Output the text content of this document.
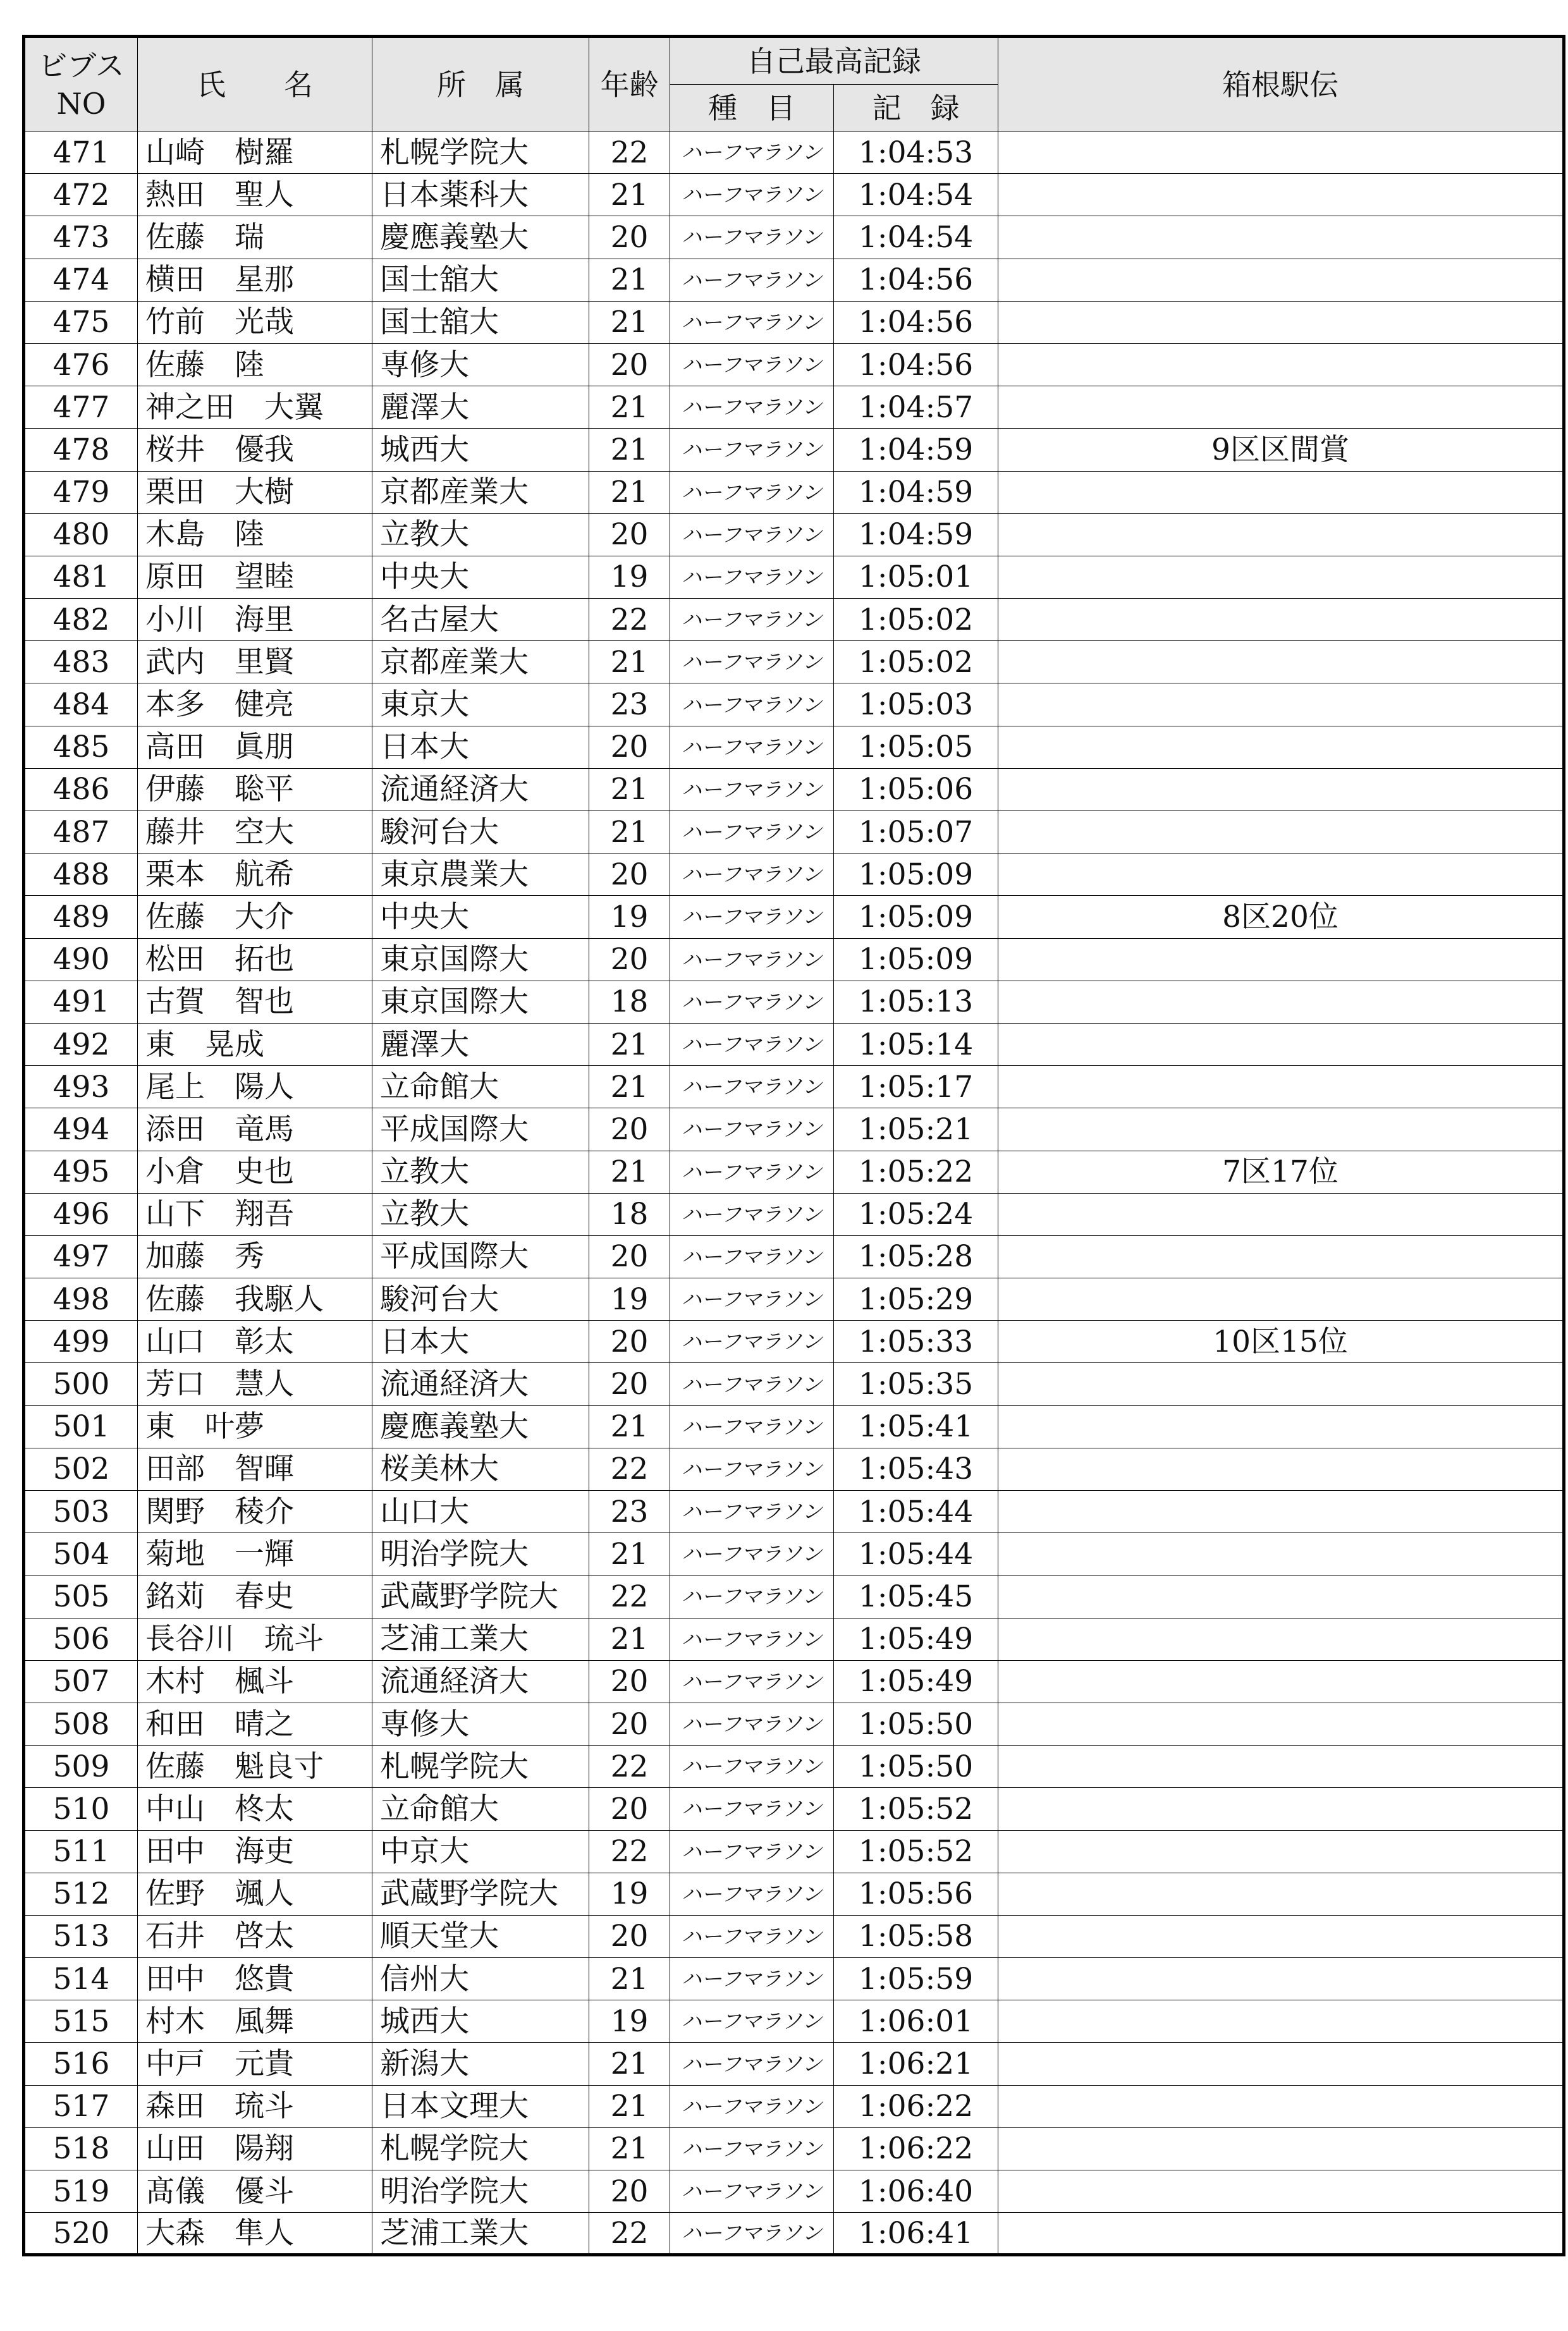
ビブス
NO	氏　　名	所　属	年齢	自己最高記録		箱根駅伝
				種　目	記　録	
471	山崎　樹羅	札幌学院大	22	ハーフマラソン	1:04:53	
472	熱田　聖人	日本薬科大	21	ハーフマラソン	1:04:54	
473	佐藤　瑞	慶應義塾大	20	ハーフマラソン	1:04:54	
474	横田　星那	国士舘大	21	ハーフマラソン	1:04:56	
475	竹前　光哉	国士舘大	21	ハーフマラソン	1:04:56	
476	佐藤　陸	専修大	20	ハーフマラソン	1:04:56	
477	神之田　大翼	麗澤大	21	ハーフマラソン	1:04:57	
478	桜井　優我	城西大	21	ハーフマラソン	1:04:59	9区区間賞
479	栗田　大樹	京都産業大	21	ハーフマラソン	1:04:59	
480	木島　陸	立教大	20	ハーフマラソン	1:04:59	
481	原田　望睦	中央大	19	ハーフマラソン	1:05:01	
482	小川　海里	名古屋大	22	ハーフマラソン	1:05:02	
483	武内　里賢	京都産業大	21	ハーフマラソン	1:05:02	
484	本多　健亮	東京大	23	ハーフマラソン	1:05:03	
485	高田　眞朋	日本大	20	ハーフマラソン	1:05:05	
486	伊藤　聡平	流通経済大	21	ハーフマラソン	1:05:06	
487	藤井　空大	駿河台大	21	ハーフマラソン	1:05:07	
488	栗本　航希	東京農業大	20	ハーフマラソン	1:05:09	
489	佐藤　大介	中央大	19	ハーフマラソン	1:05:09	8区20位
490	松田　拓也	東京国際大	20	ハーフマラソン	1:05:09	
491	古賀　智也	東京国際大	18	ハーフマラソン	1:05:13	
492	東　晃成	麗澤大	21	ハーフマラソン	1:05:14	
493	尾上　陽人	立命館大	21	ハーフマラソン	1:05:17	
494	添田　竜馬	平成国際大	20	ハーフマラソン	1:05:21	
495	小倉　史也	立教大	21	ハーフマラソン	1:05:22	7区17位
496	山下　翔吾	立教大	18	ハーフマラソン	1:05:24	
497	加藤　秀	平成国際大	20	ハーフマラソン	1:05:28	
498	佐藤　我駆人	駿河台大	19	ハーフマラソン	1:05:29	
499	山口　彰太	日本大	20	ハーフマラソン	1:05:33	10区15位
500	芳口　慧人	流通経済大	20	ハーフマラソン	1:05:35	
501	東　叶夢	慶應義塾大	21	ハーフマラソン	1:05:41	
502	田部　智暉	桜美林大	22	ハーフマラソン	1:05:43	
503	関野　稜介	山口大	23	ハーフマラソン	1:05:44	
504	菊地　一輝	明治学院大	21	ハーフマラソン	1:05:44	
505	銘苅　春史	武蔵野学院大	22	ハーフマラソン	1:05:45	
506	長谷川　琉斗	芝浦工業大	21	ハーフマラソン	1:05:49	
507	木村　楓斗	流通経済大	20	ハーフマラソン	1:05:49	
508	和田　晴之	専修大	20	ハーフマラソン	1:05:50	
509	佐藤　魁良寸	札幌学院大	22	ハーフマラソン	1:05:50	
510	中山　柊太	立命館大	20	ハーフマラソン	1:05:52	
511	田中　海吏	中京大	22	ハーフマラソン	1:05:52	
512	佐野　颯人	武蔵野学院大	19	ハーフマラソン	1:05:56	
513	石井　啓太	順天堂大	20	ハーフマラソン	1:05:58	
514	田中　悠貴	信州大	21	ハーフマラソン	1:05:59	
515	村木　風舞	城西大	19	ハーフマラソン	1:06:01	
516	中戸　元貴	新潟大	21	ハーフマラソン	1:06:21	
517	森田　琉斗	日本文理大	21	ハーフマラソン	1:06:22	
518	山田　陽翔	札幌学院大	21	ハーフマラソン	1:06:22	
519	髙儀　優斗	明治学院大	20	ハーフマラソン	1:06:40	
520	大森　隼人	芝浦工業大	22	ハーフマラソン	1:06:41	
